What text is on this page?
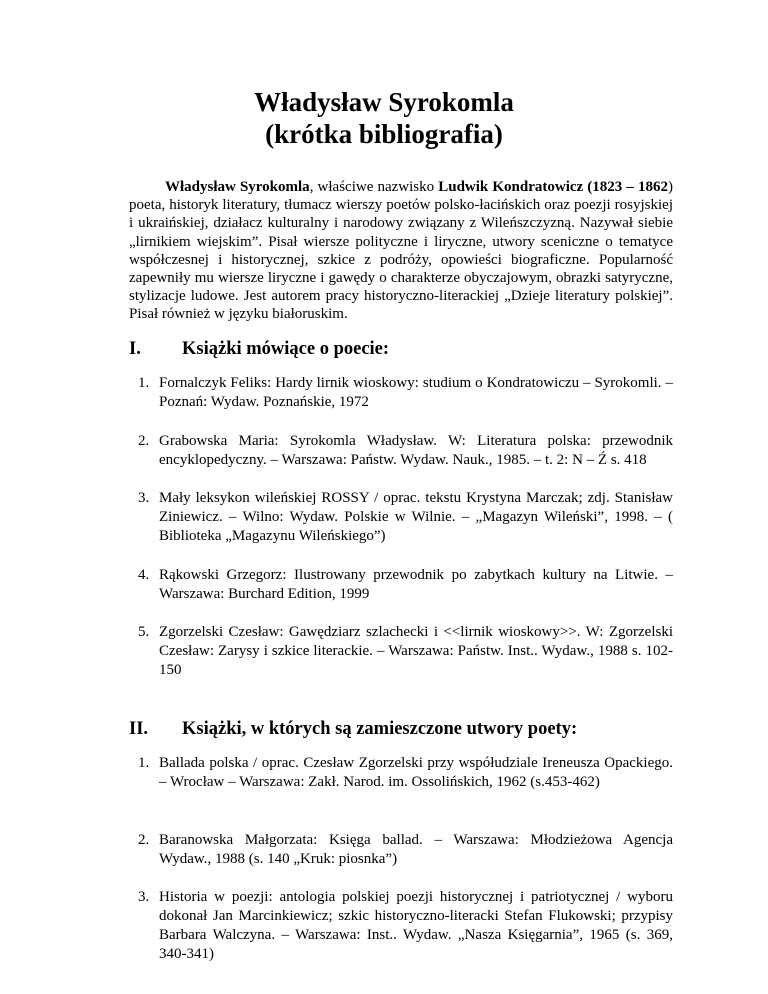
Władysław Syrokomla
(krótka bibliografia)

Władysław Syrokomla, właściwe nazwisko Ludwik Kondratowicz (1823 – 1862) poeta, historyk literatury, tłumacz wierszy poetów polsko-łacińskich oraz poezji rosyjskiej i ukraińskiej, działacz kulturalny i narodowy związany z Wileńszczyzną. Nazywał siebie „lirnikiem wiejskim”. Pisał wiersze polityczne i liryczne, utwory sceniczne o tematyce współczesnej i historycznej, szkice z podróży, opowieści biograficzne. Popularność zapewniły mu wiersze liryczne i gawędy o charakterze obyczajowym, obrazki satyryczne, stylizacje ludowe. Jest autorem pracy historyczno-literackiej „Dzieje literatury polskiej”. Pisał również w języku białoruskim.

I. Książki mówiące o poecie:
1. Fornalczyk Feliks: Hardy lirnik wioskowy: studium o Kondratowiczu – Syrokomli. – Poznań: Wydaw. Poznańskie, 1972
2. Grabowska Maria: Syrokomla Władysław. W: Literatura polska: przewodnik encyklopedyczny. – Warszawa: Państw. Wydaw. Nauk., 1985. – t. 2: N – Ź s. 418
3. Mały leksykon wileńskiej ROSSY / oprac. tekstu Krystyna Marczak; zdj. Stanisław Ziniewicz. – Wilno: Wydaw. Polskie w Wilnie. – „Magazyn Wileński”, 1998. – ( Biblioteka „Magazynu Wileńskiego”)
4. Rąkowski Grzegorz: Ilustrowany przewodnik po zabytkach kultury na Litwie. – Warszawa: Burchard Edition, 1999
5. Zgorzelski Czesław: Gawędziarz szlachecki i <<lirnik wioskowy>>. W: Zgorzelski Czesław: Zarysy i szkice literackie. – Warszawa: Państw. Inst.. Wydaw., 1988 s. 102-150
II. Książki, w których są zamieszczone utwory poety:
1. Ballada polska / oprac. Czesław Zgorzelski przy współudziale Ireneusza Opackiego. – Wrocław – Warszawa: Zakł. Narod. im. Ossolińskich, 1962 (s.453-462)
2. Baranowska Małgorzata: Księga ballad. – Warszawa: Młodzieżowa Agencja Wydaw., 1988 (s. 140 „Kruk: piosnka”)
3. Historia w poezji: antologia polskiej poezji historycznej i patriotycznej / wyboru dokonał Jan Marcinkiewicz; szkic historyczno-literacki Stefan Flukowski; przypisy Barbara Walczyna. – Warszawa: Inst.. Wydaw. „Nasza Księgarnia”, 1965 (s. 369, 340-341)
